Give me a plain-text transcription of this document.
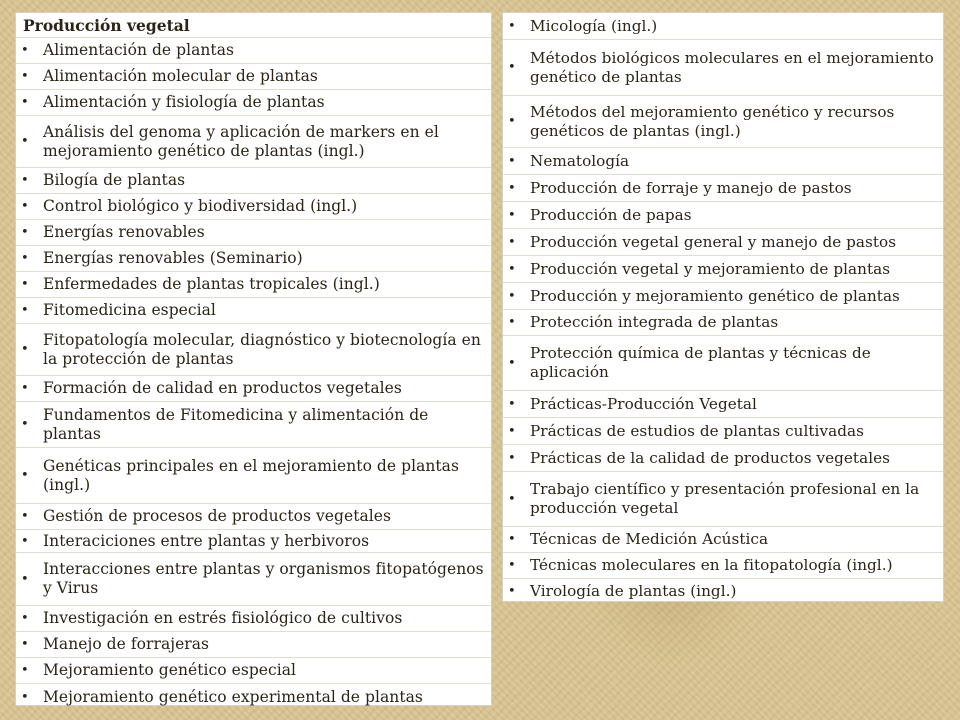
Producción vegetal
• Alimentación de plantas
• Alimentación molecular de plantas
• Alimentación y fisiología de plantas
•
Análisis del genoma y aplicación de markers en el mejoramiento genético de plantas (ingl.)
• Bilogía de plantas
• Control biológico y biodiversidad (ingl.)
• Energías renovables
• Energías renovables (Seminario)
• Enfermedades de plantas tropicales (ingl.)
• Fitomedicina especial
•
Fitopatología molecular, diagnóstico y biotecnología en la protección de plantas
• Formación de calidad en productos vegetales
•
Fundamentos de Fitomedicina y alimentación de plantas
•
Genéticas principales en el mejoramiento de plantas (ingl.)
• Gestión de procesos de productos vegetales
• Interaciciones entre plantas y herbivoros
•
Interacciones entre plantas y organismos fitopatógenos y Virus
• Investigación en estrés fisiológico de cultivos
• Manejo de forrajeras
• Mejoramiento genético especial
• Mejoramiento genético experimental de plantas
• Micología (ingl.)
•
Métodos biológicos moleculares en el mejoramiento genético de plantas
•
Métodos del mejoramiento genético y recursos genéticos de plantas (ingl.)
• Nematología
• Producción de forraje y manejo de pastos
• Producción de papas
• Producción vegetal general y manejo de pastos
• Producción vegetal y mejoramiento de plantas
• Producción y mejoramiento genético de plantas
• Protección integrada de plantas
•
Protección química de plantas y técnicas de aplicación
• Prácticas-Producción Vegetal
• Prácticas de estudios de plantas cultivadas
• Prácticas de la calidad de productos vegetales
•
Trabajo científico y presentación profesional en la producción vegetal
• Técnicas de Medición Acústica
• Técnicas moleculares en la fitopatología (ingl.)
• Virología de plantas (ingl.)
